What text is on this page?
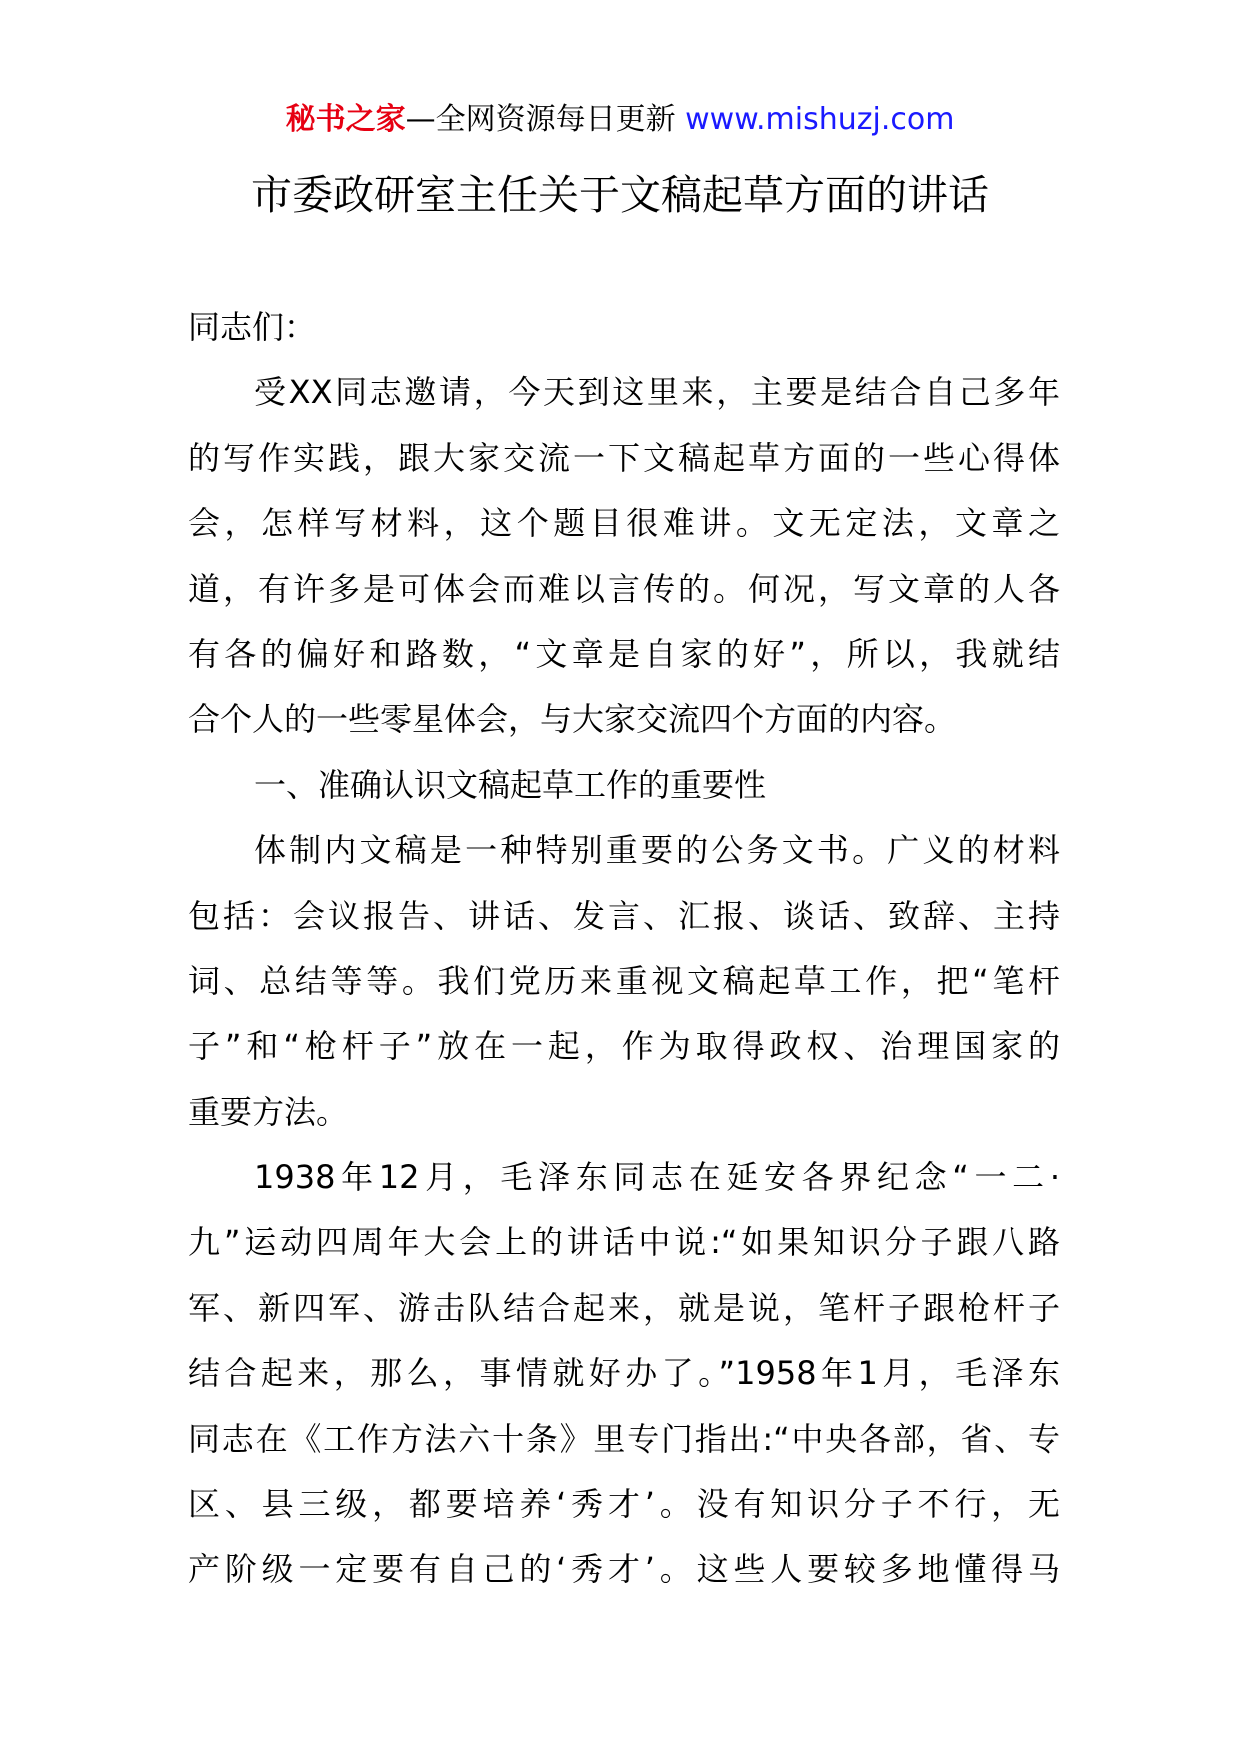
秘书之家—全网资源每日更新 www.mishuzj.com
市委政研室主任关于文稿起草方面的讲话
同志们：
受XX同志邀请，今天到这里来，主要是结合自己多年
的写作实践，跟大家交流一下文稿起草方面的一些心得体
会，怎样写材料，这个题目很难讲。文无定法，文章之
道，有许多是可体会而难以言传的。何况，写文章的人各
有各的偏好和路数，“文章是自家的好”，所以，我就结
合个人的一些零星体会，与大家交流四个方面的内容。
一、准确认识文稿起草工作的重要性
体制内文稿是一种特别重要的公务文书。广义的材料
包括：会议报告、讲话、发言、汇报、谈话、致辞、主持
词、总结等等。我们党历来重视文稿起草工作，把“笔杆
子”和“枪杆子”放在一起，作为取得政权、治理国家的
重要方法。
1938年12月，毛泽东同志在延安各界纪念“一二·
九”运动四周年大会上的讲话中说:“如果知识分子跟八路
军、新四军、游击队结合起来，就是说，笔杆子跟枪杆子
结合起来，那么，事情就好办了。”1958年1月，毛泽东
同志在《工作方法六十条》里专门指出:“中央各部，省、专
区、县三级，都要培养‘秀才’。没有知识分子不行，无
产阶级一定要有自己的‘秀才’。这些人要较多地懂得马
